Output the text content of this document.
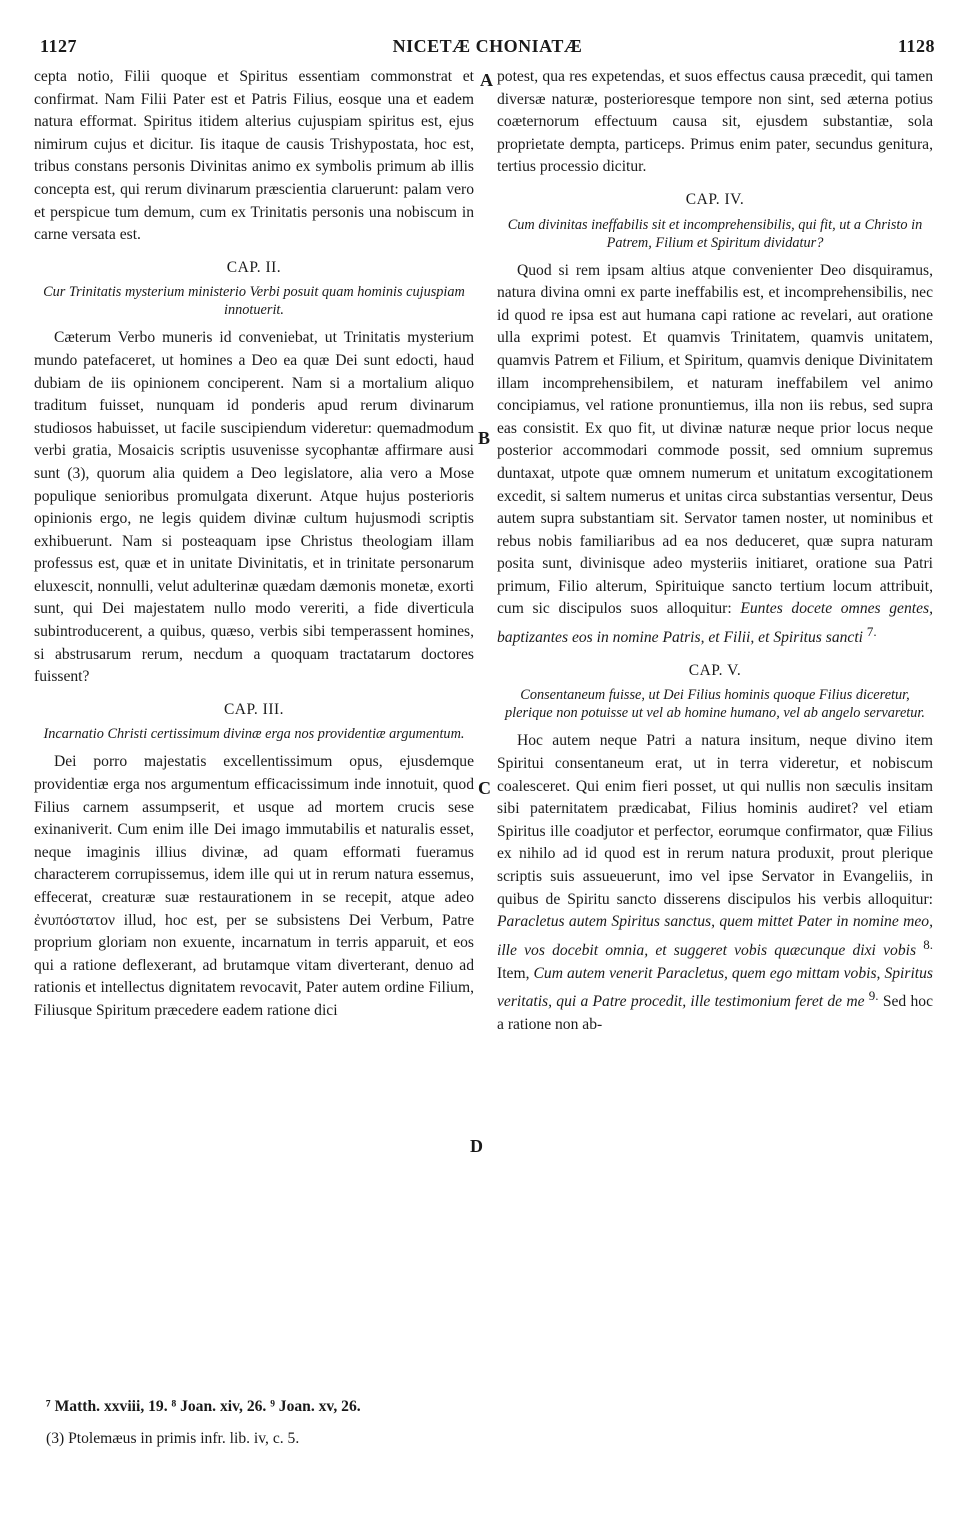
1127	NICETÆ CHONIATÆ	1128
A
B
C
D

cepta notio, Filii quoque et Spiritus essentiam commonstrat et confirmat. Nam Filii Pater est et Patris Filius, eosque una et eadem natura efformat. Spiritus itidem alterius cujuspiam spiritus est, ejus nimirum cujus et dicitur. Iis itaque de causis Trishypostata, hoc est, tribus constans personis Divinitas animo ex symbolis primum ab illis concepta est, qui rerum divinarum præscientia claruerunt: palam vero et perspicue tum demum, cum ex Trinitatis personis una nobiscum in carne versata est.

CAP. II.
Cur Trinitatis mysterium ministerio Verbi posuit quam hominis cujuspiam innotuerit.

Cæterum Verbo muneris id conveniebat, ut Trinitatis mysterium mundo patefaceret, ut homines a Deo ea quæ Dei sunt edocti, haud dubiam de iis opinionem conciperent. Nam si a mortalium aliquo traditum fuisset, nunquam id ponderis apud rerum divinarum studiosos habuisset, ut facile suscipiendum videretur: quemadmodum verbi gratia, Mosaicis scriptis usuvenisse sycophantæ affirmare ausi sunt (3), quorum alia quidem a Deo legislatore, alia vero a Mose populique senioribus promulgata dixerunt. Atque hujus posterioris opinionis ergo, ne legis quidem divinæ cultum hujusmodi scriptis exhibuerunt. Nam si posteaquam ipse Christus theologiam illam professus est, quæ et in unitate Divinitatis, et in trinitate personarum eluxescit, nonnulli, velut adulterinæ quædam dæmonis monetæ, exorti sunt, qui Dei majestatem nullo modo vereriti, a fide diverticula subintroducerent, a quibus, quæso, verbis sibi temperassent homines, si abstrusarum rerum, necdum a quoquam tractatarum doctores fuissent?

CAP. III.
Incarnatio Christi certissimum divinæ erga nos providentiæ argumentum.

Dei porro majestatis excellentissimum opus, ejusdemque providentiæ erga nos argumentum efficacissimum inde innotuit, quod Filius carnem assumpserit, et usque ad mortem crucis sese exinaniverit. Cum enim ille Dei imago immutabilis et naturalis esset, neque imaginis illius divinæ, ad quam efformati fueramus characterem corrupissemus, idem ille qui ut in rerum natura essemus, effecerat, creaturæ suæ restaurationem in se recepit, atque adeo ἐνυπόστατον illud, hoc est, per se subsistens Dei Verbum, Patre proprium gloriam non exuente, incarnatum in terris apparuit, et eos qui a ratione deflexerant, ad brutamque vitam diverterant, denuo ad rationis et intellectus dignitatem revocavit, Pater autem ordine Filium, Filiusque Spiritum præcedere eadem ratione dici

potest, qua res expetendas, et suos effectus causa præcedit, qui tamen diversæ naturæ, posterioresque tempore non sint, sed æterna potius coæternorum effectuum causa sit, ejusdem substantiæ, sola proprietate dempta, particeps. Primus enim pater, secundus genitura, tertius processio dicitur.

CAP. IV.
Cum divinitas ineffabilis sit et incomprehensibilis, qui fit, ut a Christo in Patrem, Filium et Spiritum dividatur?

Quod si rem ipsam altius atque convenienter Deo disquiramus, natura divina omni ex parte ineffabilis est, et incomprehensibilis, nec id quod re ipsa est aut humana capi ratione ac revelari, aut oratione ulla exprimi potest. Et quamvis Trinitatem, quamvis unitatem, quamvis Patrem et Filium, et Spiritum, quamvis denique Divinitatem illam incomprehensibilem, et naturam ineffabilem vel animo concipiamus, vel ratione pronuntiemus, illa non iis rebus, sed supra eas consistit. Ex quo fit, ut divinæ naturæ neque prior locus neque posterior accommodari commode possit, sed omnium supremus duntaxat, utpote quæ omnem numerum et unitatum excogitationem excedit, si saltem numerus et unitas circa substantias versentur, Deus autem supra substantiam sit. Servator tamen noster, ut nominibus et rebus nobis familiaribus ad ea nos deduceret, quæ supra naturam posita sunt, divinisque adeo mysteriis initiaret, oratione sua Patri primum, Filio alterum, Spirituique sancto tertium locum attribuit, cum sic discipulos suos alloquitur: Euntes docete omnes gentes, baptizantes eos in nomine Patris, et Filii, et Spiritus sancti $^{7.}$

CAP. V.
Consentaneum fuisse, ut Dei Filius hominis quoque Filius diceretur, plerique non potuisse ut vel ab homine humano, vel ab angelo servaretur.

Hoc autem neque Patri a natura insitum, neque divino item Spiritui consentaneum erat, ut in terra videretur, et nobiscum coalesceret. Qui enim fieri posset, ut qui nullis non sæculis insitam sibi paternitatem prædicabat, Filius hominis audiret? vel etiam Spiritus ille coadjutor et perfector, eorumque confirmator, quæ Filius ex nihilo ad id quod est in rerum natura produxit, prout plerique scriptis suis assueuerunt, imo vel ipse Servator in Evangeliis, in quibus de Spiritu sancto disserens discipulos his verbis alloquitur: Paracletus autem Spiritus sanctus, quem mittet Pater in nomine meo, ille vos docebit omnia, et suggeret vobis quæcunque dixi vobis $^{8.}$ Item, Cum autem venerit Paracletus, quem ego mittam vobis, Spiritus veritatis, qui a Patre procedit, ille testimonium feret de me $^{9.}$ Sed hoc a ratione non ab-

⁷ Matth. xxviii, 19. ⁸ Joan. xiv, 26. ⁹ Joan. xv, 26.

(3) Ptolemæus in primis infr. lib. iv, c. 5.
